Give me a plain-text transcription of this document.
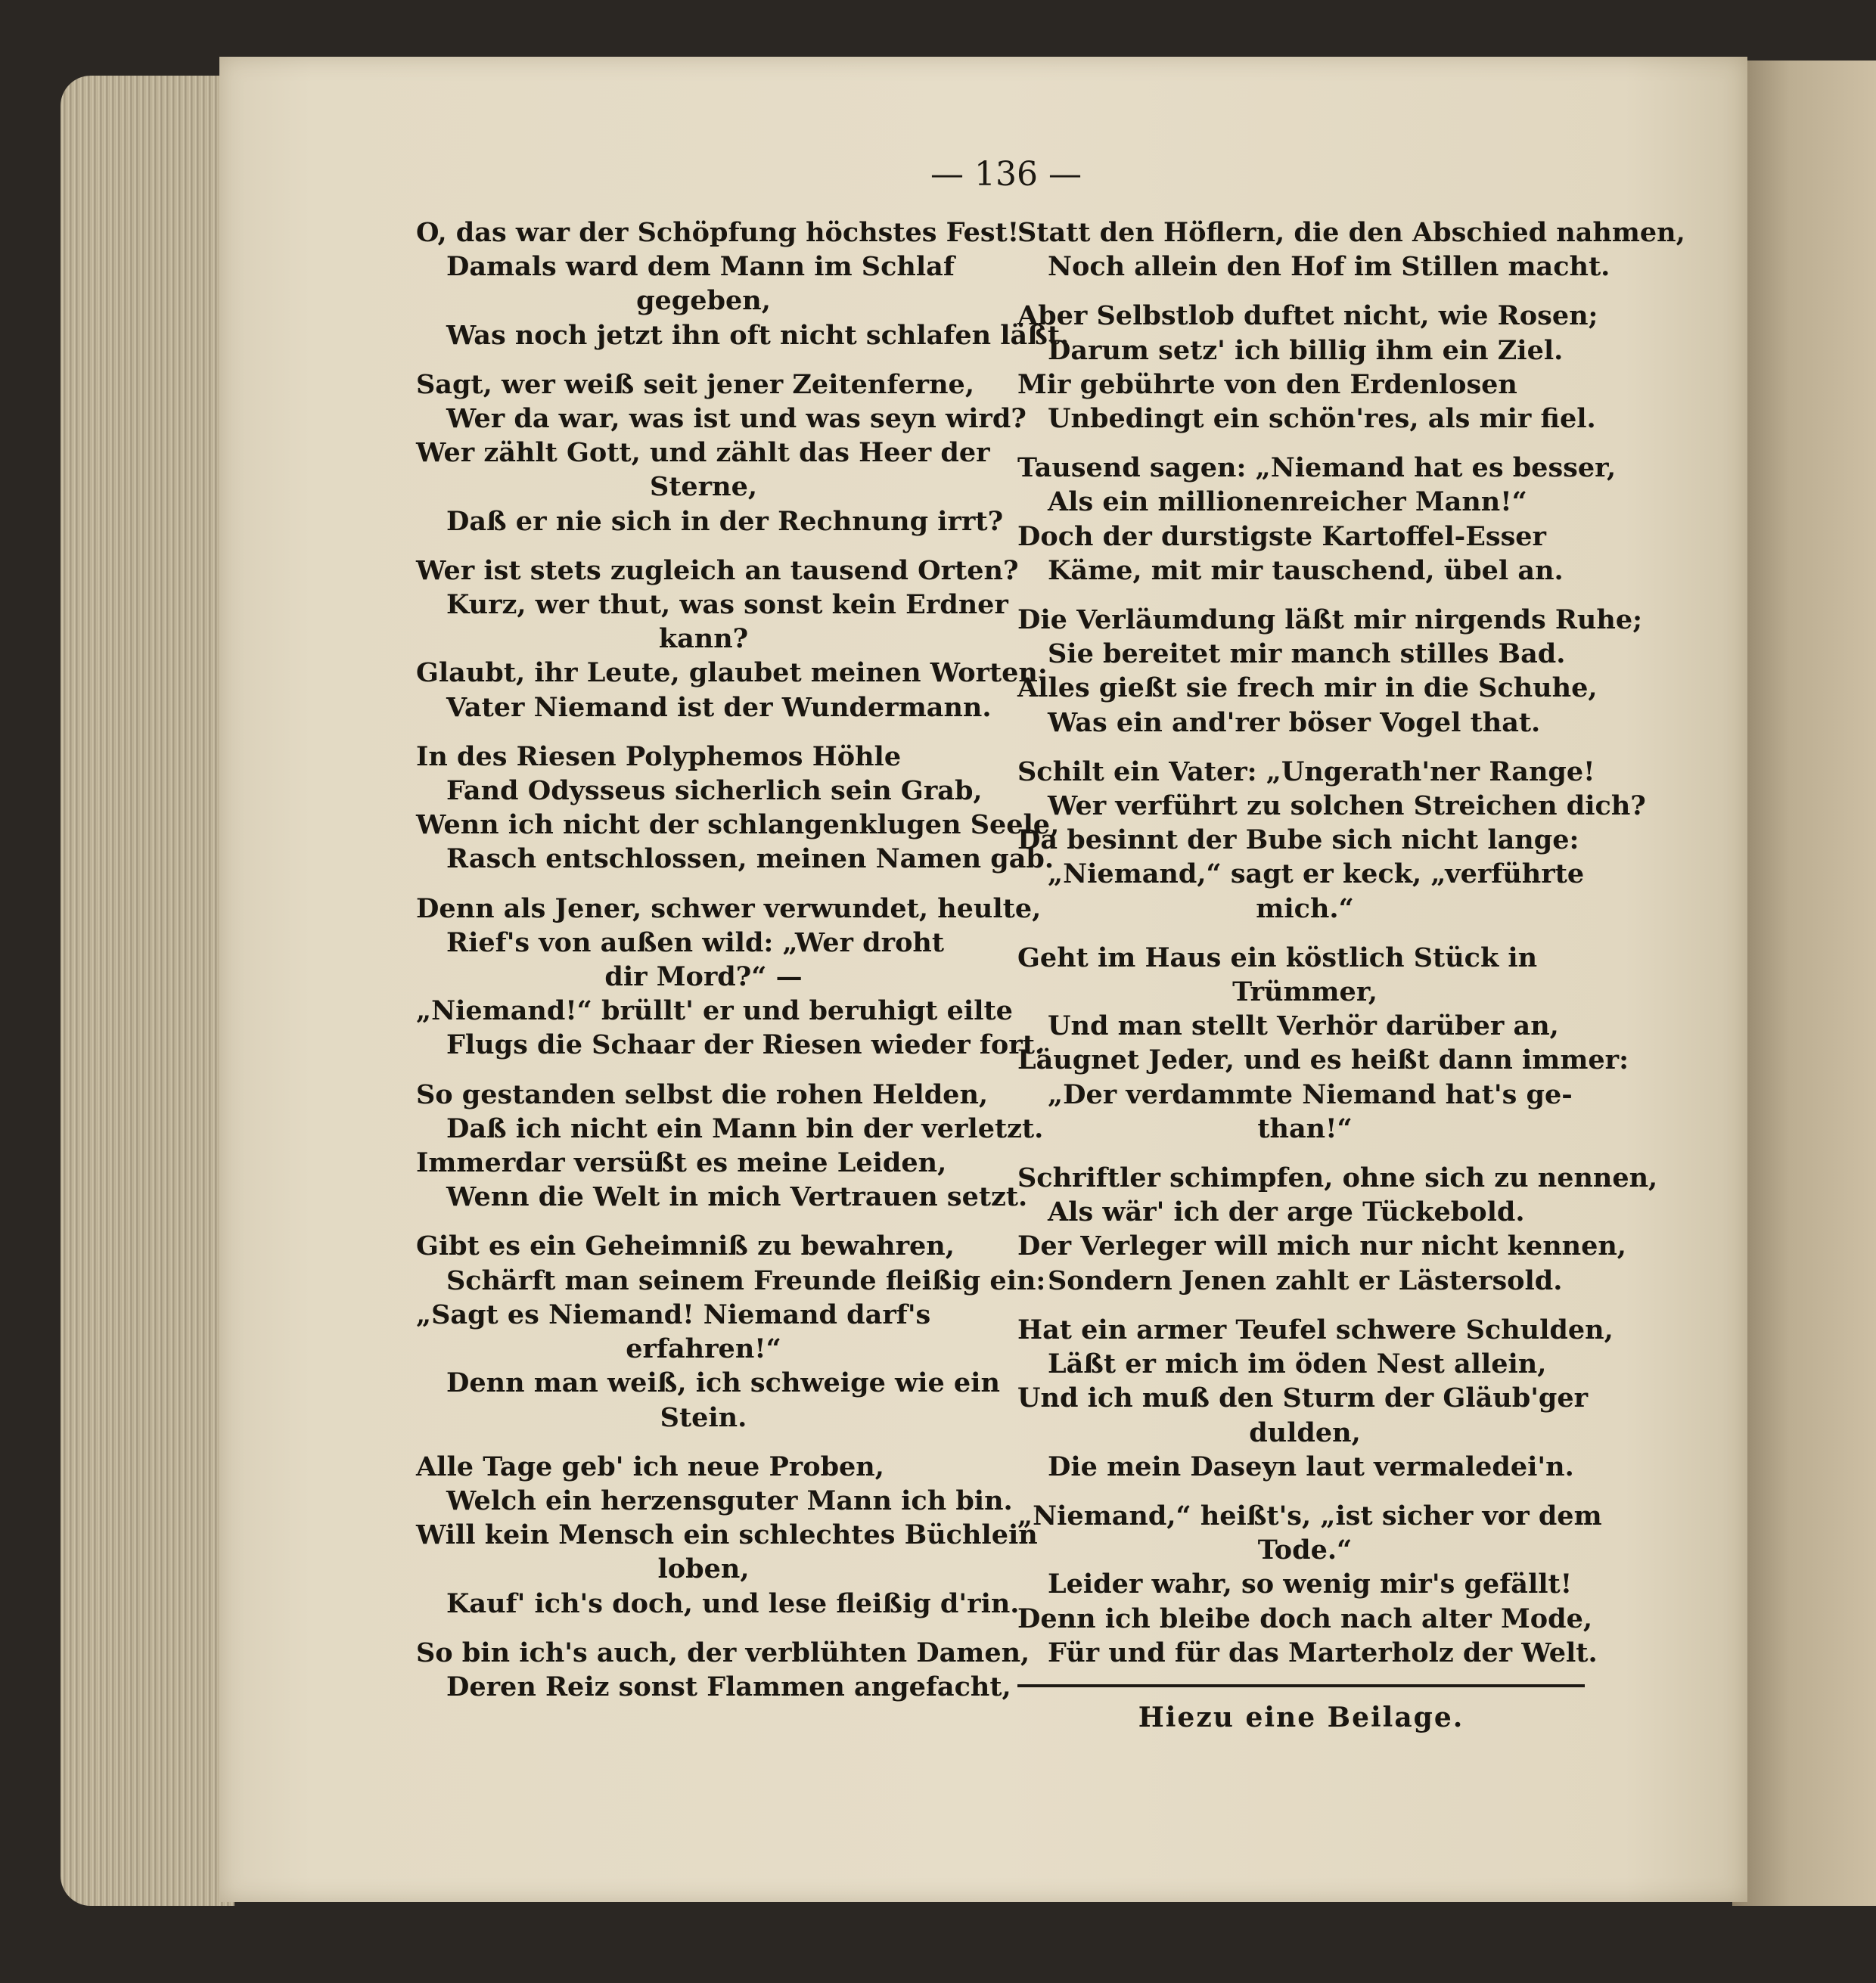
— 136 —
O, das war der Schöpfung höchstes Fest!
Damals ward dem Mann im Schlaf
gegeben,
Was noch jetzt ihn oft nicht schlafen läßt.
Sagt, wer weiß seit jener Zeitenferne,
Wer da war, was ist und was seyn wird?
Wer zählt Gott, und zählt das Heer der
Sterne,
Daß er nie sich in der Rechnung irrt?
Wer ist stets zugleich an tausend Orten?
Kurz, wer thut, was sonst kein Erdner
kann?
Glaubt, ihr Leute, glaubet meinen Worten:
Vater Niemand ist der Wundermann.
In des Riesen Polyphemos Höhle
Fand Odysseus sicherlich sein Grab,
Wenn ich nicht der schlangenklugen Seele,
Rasch entschlossen, meinen Namen gab.
Denn als Jener, schwer verwundet, heulte,
Rief's von außen wild: „Wer droht
dir Mord?“ —
„Niemand!“ brüllt' er und beruhigt eilte
Flugs die Schaar der Riesen wieder fort.
So gestanden selbst die rohen Helden,
Daß ich nicht ein Mann bin der verletzt.
Immerdar versüßt es meine Leiden,
Wenn die Welt in mich Vertrauen setzt.
Gibt es ein Geheimniß zu bewahren,
Schärft man seinem Freunde fleißig ein:
„Sagt es Niemand! Niemand darf's
erfahren!“
Denn man weiß, ich schweige wie ein
Stein.
Alle Tage geb' ich neue Proben,
Welch ein herzensguter Mann ich bin.
Will kein Mensch ein schlechtes Büchlein
loben,
Kauf' ich's doch, und lese fleißig d'rin.
So bin ich's auch, der verblühten Damen,
Deren Reiz sonst Flammen angefacht,
Statt den Höflern, die den Abschied nahmen,
Noch allein den Hof im Stillen macht.
Aber Selbstlob duftet nicht, wie Rosen;
Darum setz' ich billig ihm ein Ziel.
Mir gebührte von den Erdenlosen
Unbedingt ein schön'res, als mir fiel.
Tausend sagen: „Niemand hat es besser,
Als ein millionenreicher Mann!“
Doch der durstigste Kartoffel-Esser
Käme, mit mir tauschend, übel an.
Die Verläumdung läßt mir nirgends Ruhe;
Sie bereitet mir manch stilles Bad.
Alles gießt sie frech mir in die Schuhe,
Was ein and'rer böser Vogel that.
Schilt ein Vater: „Ungerath'ner Range!
Wer verführt zu solchen Streichen dich?
Da besinnt der Bube sich nicht lange:
„Niemand,“ sagt er keck, „verführte
mich.“
Geht im Haus ein köstlich Stück in
Trümmer,
Und man stellt Verhör darüber an,
Läugnet Jeder, und es heißt dann immer:
„Der verdammte Niemand hat's ge-
than!“
Schriftler schimpfen, ohne sich zu nennen,
Als wär' ich der arge Tückebold.
Der Verleger will mich nur nicht kennen,
Sondern Jenen zahlt er Lästersold.
Hat ein armer Teufel schwere Schulden,
Läßt er mich im öden Nest allein,
Und ich muß den Sturm der Gläub'ger
dulden,
Die mein Daseyn laut vermaledei'n.
„Niemand,“ heißt's, „ist sicher vor dem
Tode.“
Leider wahr, so wenig mir's gefällt!
Denn ich bleibe doch nach alter Mode,
Für und für das Marterholz der Welt.
Hiezu eine Beilage.
